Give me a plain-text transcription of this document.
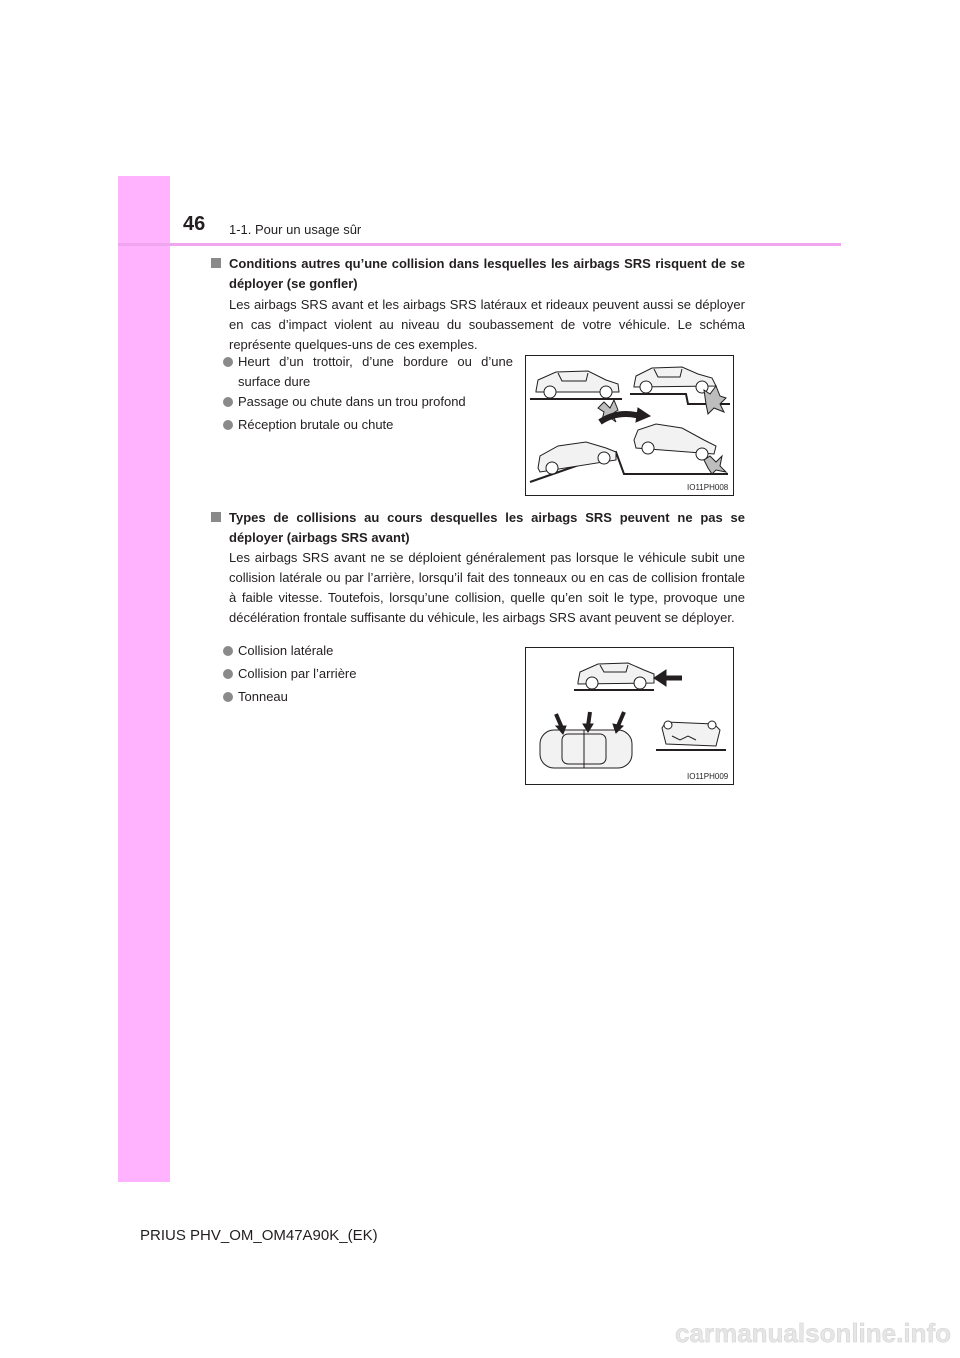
46 1-1. Pour un usage sûr
Conditions autres qu’une collision dans lesquelles les airbags SRS risquent de se déployer (se gonfler)
Les airbags SRS avant et les airbags SRS latéraux et rideaux peuvent aussi se déployer en cas d’impact violent au niveau du soubassement de votre véhicule. Le schéma représente quelques-uns de ces exemples.
Heurt d’un trottoir, d’une bordure ou d’une surface dure
Passage ou chute dans un trou profond
Réception brutale ou chute
IO11PH008
Types de collisions au cours desquelles les airbags SRS peuvent ne pas se déployer (airbags SRS avant)
Les airbags SRS avant ne se déploient généralement pas lorsque le véhicule subit une collision latérale ou par l’arrière, lorsqu’il fait des tonneaux ou en cas de collision frontale à faible vitesse. Toutefois, lorsqu’une collision, quelle qu’en soit le type, provoque une décélération frontale suffisante du véhicule, les airbags SRS avant peuvent se déployer.
Collision latérale
Collision par l’arrière
Tonneau
IO11PH009
PRIUS PHV_OM_OM47A90K_(EK)
carmanualsonline.info
